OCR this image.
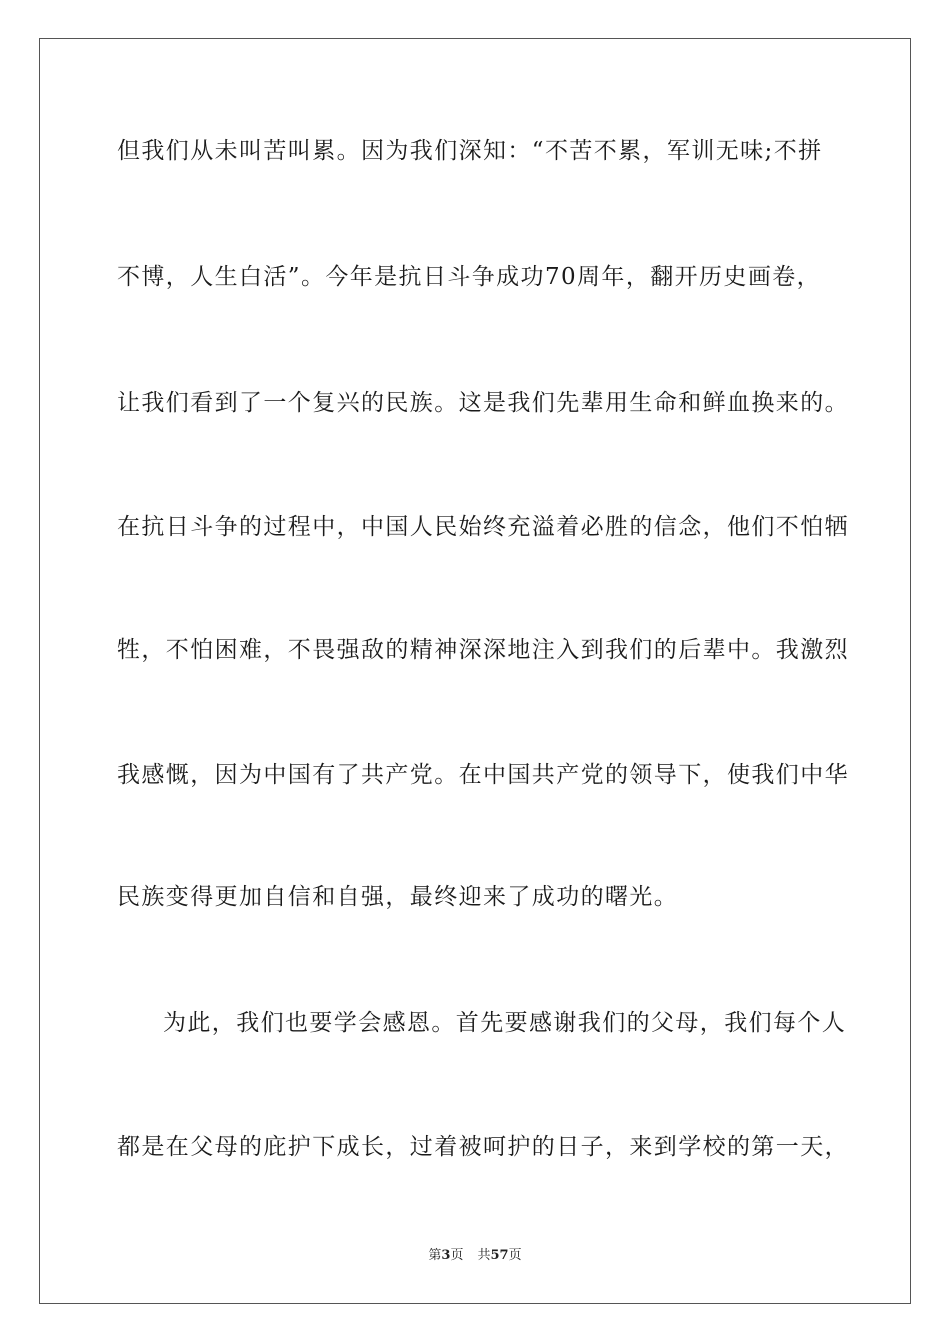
但我们从未叫苦叫累。因为我们深知：“不苦不累，军训无味;不拼

不博，人生白活”。今年是抗日斗争成功70周年，翻开历史画卷，

让我们看到了一个复兴的民族。这是我们先辈用生命和鲜血换来的。

在抗日斗争的过程中，中国人民始终充溢着必胜的信念，他们不怕牺

牲，不怕困难，不畏强敌的精神深深地注入到我们的后辈中。我激烈

我感慨，因为中国有了共产党。在中国共产党的领导下，使我们中华

民族变得更加自信和自强，最终迎来了成功的曙光。

为此，我们也要学会感恩。首先要感谢我们的父母，我们每个人

都是在父母的庇护下成长，过着被呵护的日子，来到学校的第一天，

第3页 共57页
